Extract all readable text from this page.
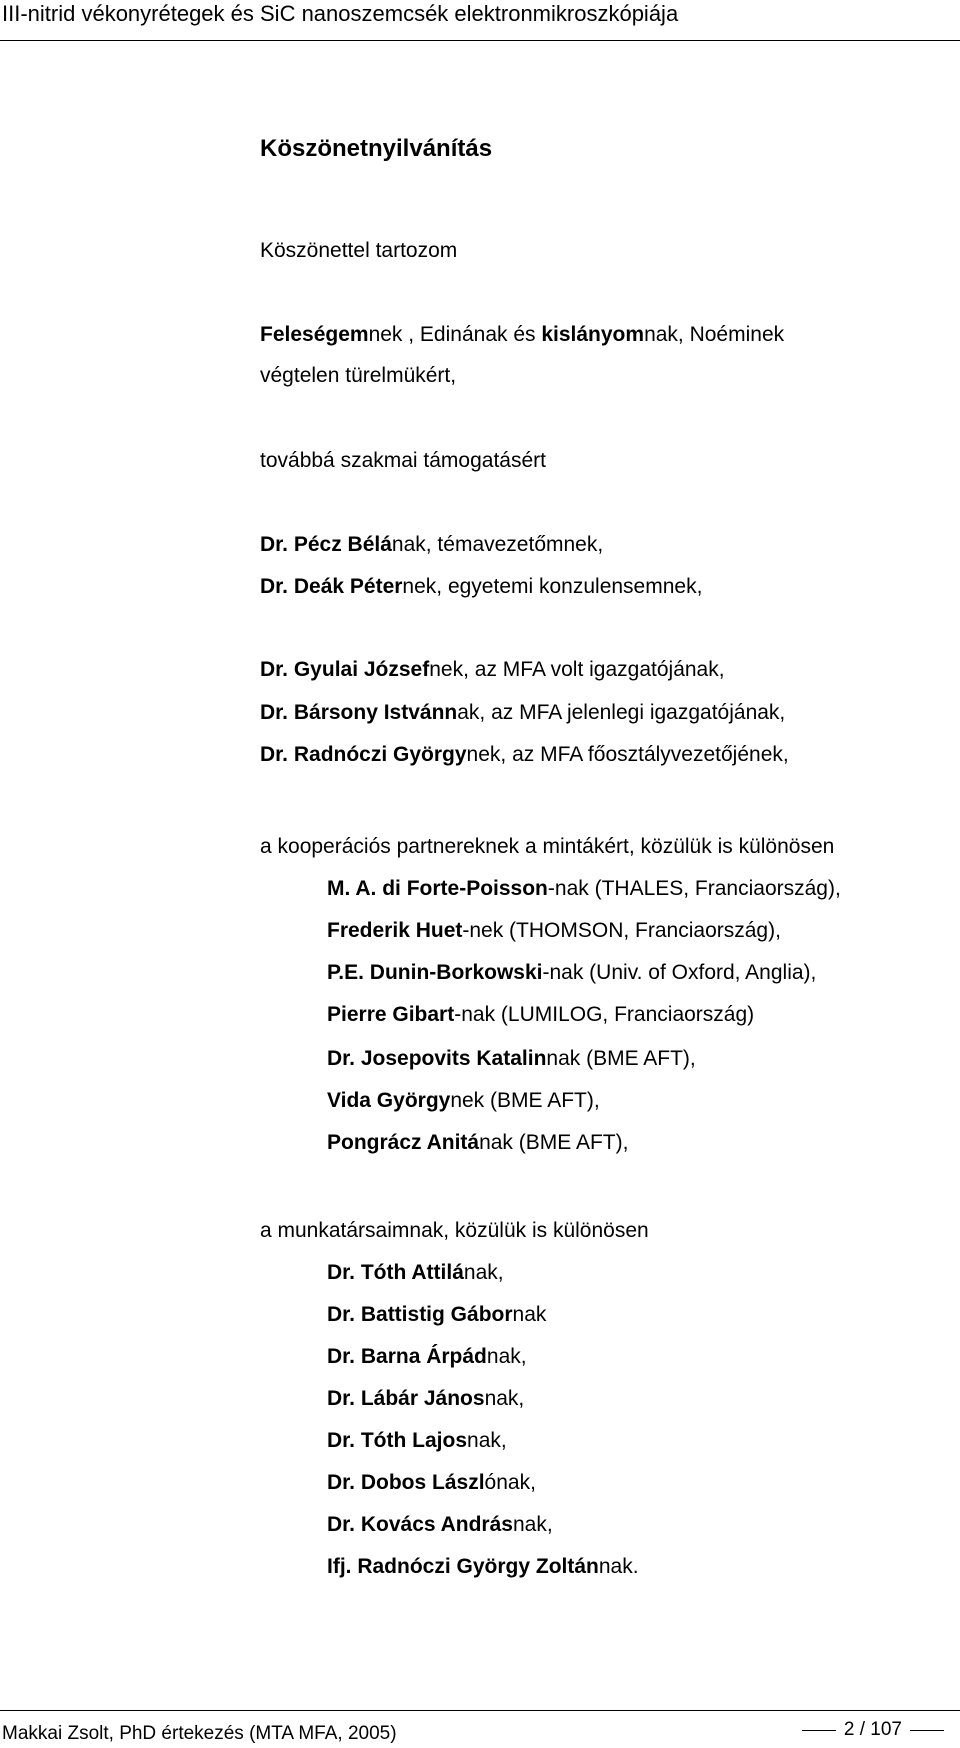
III-nitrid vékonyrétegek és SiC nanoszemcsék elektronmikroszkópiája
Köszönetnyilvánítás
Köszönettel tartozom
Feleségemnek , Edinának és kislányomnak, Noéminek
végtelen türelmükért,
továbbá szakmai támogatásért
Dr. Pécz Bélának, témavezetőmnek,
Dr. Deák Péternek, egyetemi konzulensemnek,
Dr. Gyulai Józsefnek, az MFA volt igazgatójának,
Dr. Bársony Istvánnak, az MFA jelenlegi igazgatójának,
Dr. Radnóczi Györgynek, az MFA főosztályvezetőjének,
a kooperációs partnereknek a mintákért, közülük is különösen
M. A. di Forte-Poisson-nak (THALES, Franciaország),
Frederik Huet-nek (THOMSON, Franciaország),
P.E. Dunin-Borkowski-nak (Univ. of Oxford, Anglia),
Pierre Gibart-nak (LUMILOG, Franciaország)
Dr. Josepovits Katalinnak (BME AFT),
Vida Györgynek (BME AFT),
Pongrácz Anitának (BME AFT),
a munkatársaimnak, közülük is különösen
Dr. Tóth Attilának,
Dr. Battistig Gábornak
Dr. Barna Árpádnak,
Dr. Lábár Jánosnak,
Dr. Tóth Lajosnak,
Dr. Dobos Lászlónak,
Dr. Kovács Andrásnak,
Ifj. Radnóczi György Zoltánnak.
Makkai Zsolt, PhD értekezés (MTA MFA, 2005)	2 / 107
